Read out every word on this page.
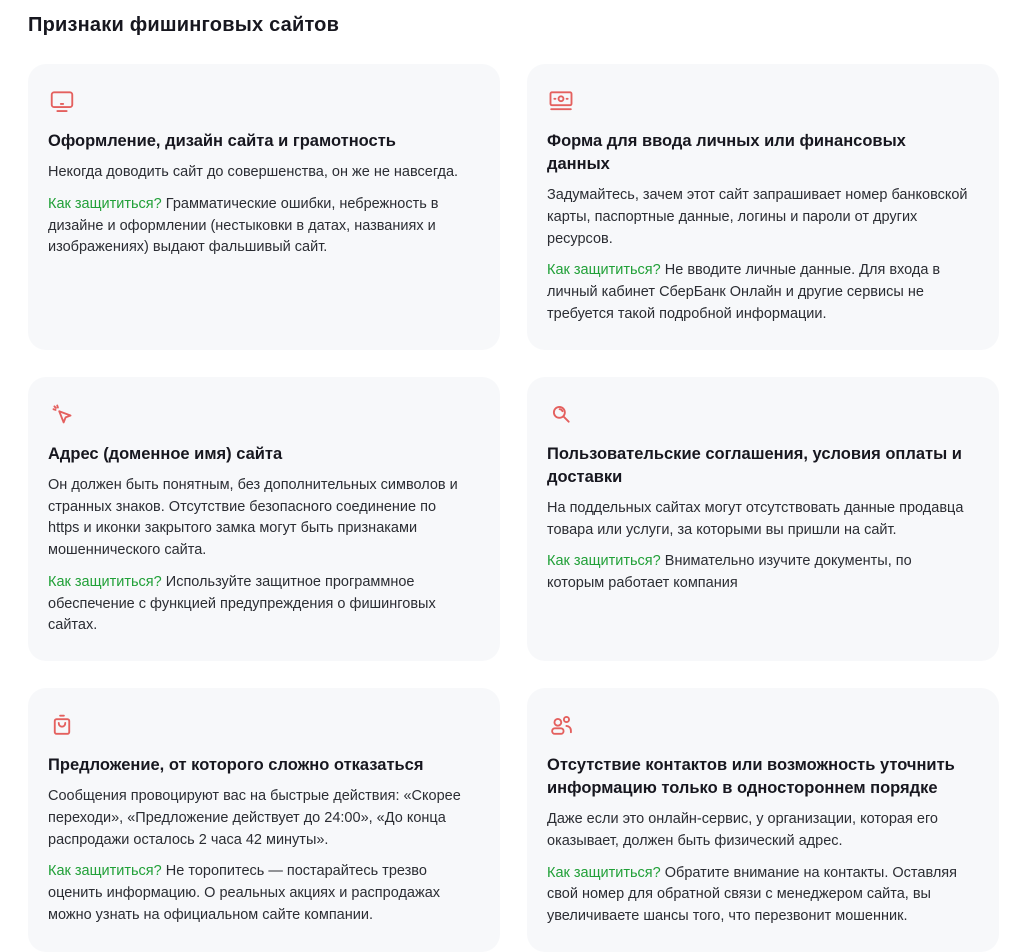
Признаки фишинговых сайтов
Оформление, дизайн сайта и грамотность

Некогда доводить сайт до совершенства, он же не навсегда.

Как защититься? Грамматические ошибки, небрежность в дизайне и оформлении (нестыковки в датах, названиях и изображениях) выдают фальшивый сайт.

Форма для ввода личных или финансовых данных

Задумайтесь, зачем этот сайт запрашивает номер банковской карты, паспортные данные, логины и пароли от других ресурсов.

Как защититься? Не вводите личные данные. Для входа в личный кабинет СберБанк Онлайн и другие сервисы не требуется такой подробной информации.

Адрес (доменное имя) сайта

Он должен быть понятным, без дополнительных символов и странных знаков. Отсутствие безопасного соединение по https и иконки закрытого замка могут быть признаками мошеннического сайта.

Как защититься? Используйте защитное программное обеспечение с функцией предупреждения о фишинговых сайтах.

Пользовательские соглашения, условия оплаты и доставки

На поддельных сайтах могут отсутствовать данные продавца товара или услуги, за которыми вы пришли на сайт.

Как защититься? Внимательно изучите документы, по которым работает компания

Предложение, от которого сложно отказаться

Сообщения провоцируют вас на быстрые действия: «Скорее переходи», «Предложение действует до 24:00», «До конца распродажи осталось 2 часа 42 минуты».

Как защититься? Не торопитесь — постарайтесь трезво оценить информацию. О реальных акциях и распродажах можно узнать на официальном сайте компании.

Отсутствие контактов или возможность уточнить информацию только в одностороннем порядке

Даже если это онлайн-сервис, у организации, которая его оказывает, должен быть физический адрес.

Как защититься? Обратите внимание на контакты. Оставляя свой номер для обратной связи с менеджером сайта, вы увеличиваете шансы того, что перезвонит мошенник.
